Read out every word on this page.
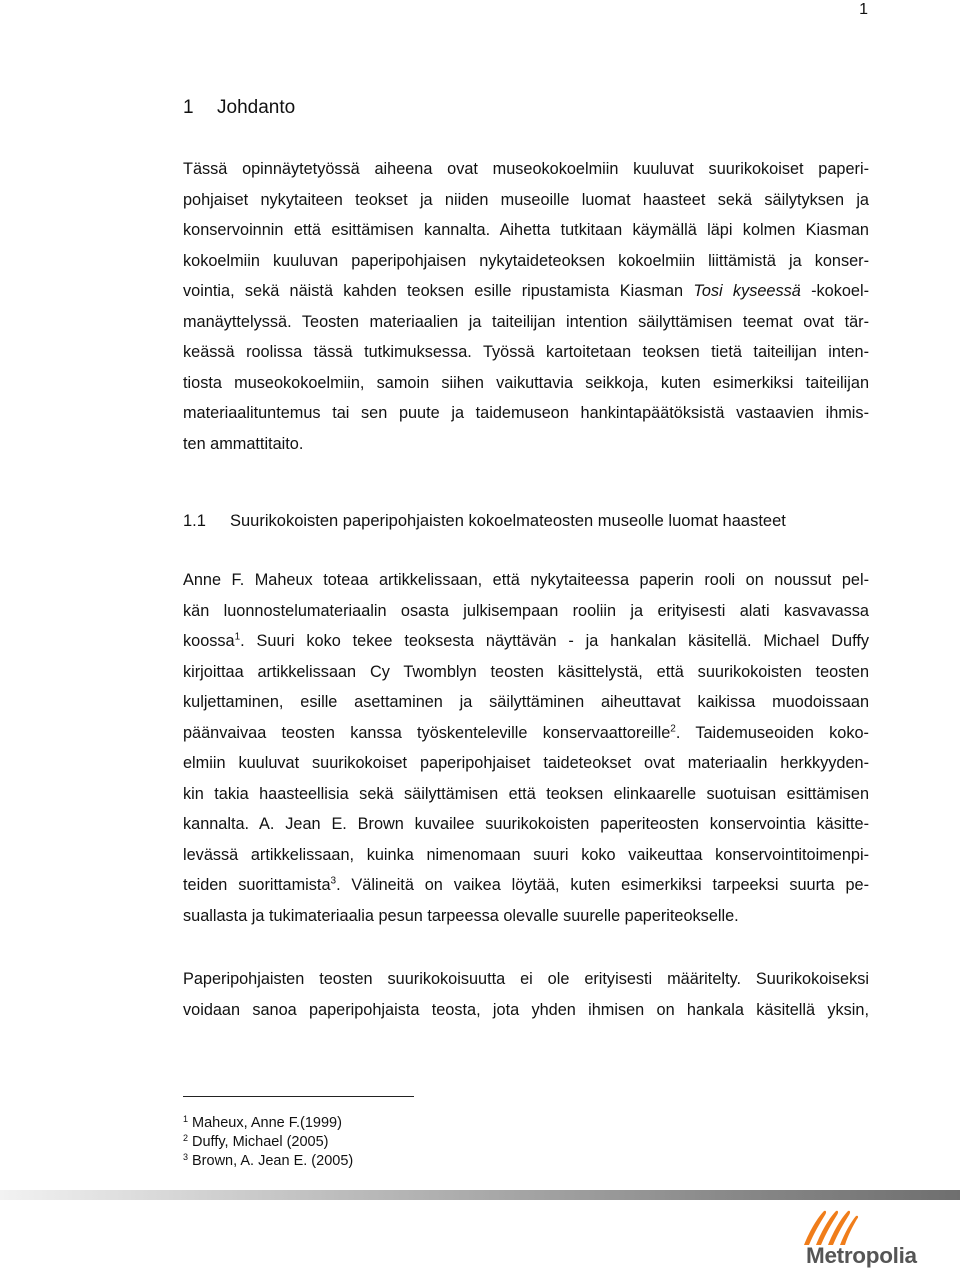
1
1 Johdanto
Tässä opinnäytetyössä aiheena ovat museokokoelmiin kuuluvat suurikokoiset paperi-
pohjaiset nykytaiteen teokset ja niiden museoille luomat haasteet sekä säilytyksen ja
konservoinnin että esittämisen kannalta. Aihetta tutkitaan käymällä läpi kolmen Kiasman
kokoelmiin kuuluvan paperipohjaisen nykytaideteoksen kokoelmiin liittämistä ja konser-
vointia, sekä näistä kahden teoksen esille ripustamista Kiasman Tosi kyseessä -kokoel-
manäyttelyssä. Teosten materiaalien ja taiteilijan intention säilyttämisen teemat ovat tär-
keässä roolissa tässä tutkimuksessa. Työssä kartoitetaan teoksen tietä taiteilijan inten-
tiosta museokokoelmiin, samoin siihen vaikuttavia seikkoja, kuten esimerkiksi taiteilijan
materiaalituntemus tai sen puute ja taidemuseon hankintapäätöksistä vastaavien ihmis-
ten ammattitaito.
1.1 Suurikokoisten paperipohjaisten kokoelmateosten museolle luomat haasteet
Anne F. Maheux toteaa artikkelissaan, että nykytaiteessa paperin rooli on noussut pel-
kän luonnostelumateriaalin osasta julkisempaan rooliin ja erityisesti alati kasvavassa
koossa$^1$. Suuri koko tekee teoksesta näyttävän - ja hankalan käsitellä. Michael Duffy
kirjoittaa artikkelissaan Cy Twomblyn teosten käsittelystä, että suurikokoisten teosten
kuljettaminen, esille asettaminen ja säilyttäminen aiheuttavat kaikissa muodoissaan
päänvaivaa teosten kanssa työskenteleville konservaattoreille$^2$. Taidemuseoiden koko-
elmiin kuuluvat suurikokoiset paperipohjaiset taideteokset ovat materiaalin herkkyyden-
kin takia haasteellisia sekä säilyttämisen että teoksen elinkaarelle suotuisan esittämisen
kannalta. A. Jean E. Brown kuvailee suurikokoisten paperiteosten konservointia käsitte-
levässä artikkelissaan, kuinka nimenomaan suuri koko vaikeuttaa konservointitoimenpi-
teiden suorittamista$^3$. Välineitä on vaikea löytää, kuten esimerkiksi tarpeeksi suurta pe-
suallasta ja tukimateriaalia pesun tarpeessa olevalle suurelle paperiteokselle.
Paperipohjaisten teosten suurikokoisuutta ei ole erityisesti määritelty. Suurikokoiseksi
voidaan sanoa paperipohjaista teosta, jota yhden ihmisen on hankala käsitellä yksin,
$^1$ Maheux, Anne F.(1999)
$^2$ Duffy, Michael (2005)
$^3$ Brown, A. Jean E. (2005)
Metropolia
